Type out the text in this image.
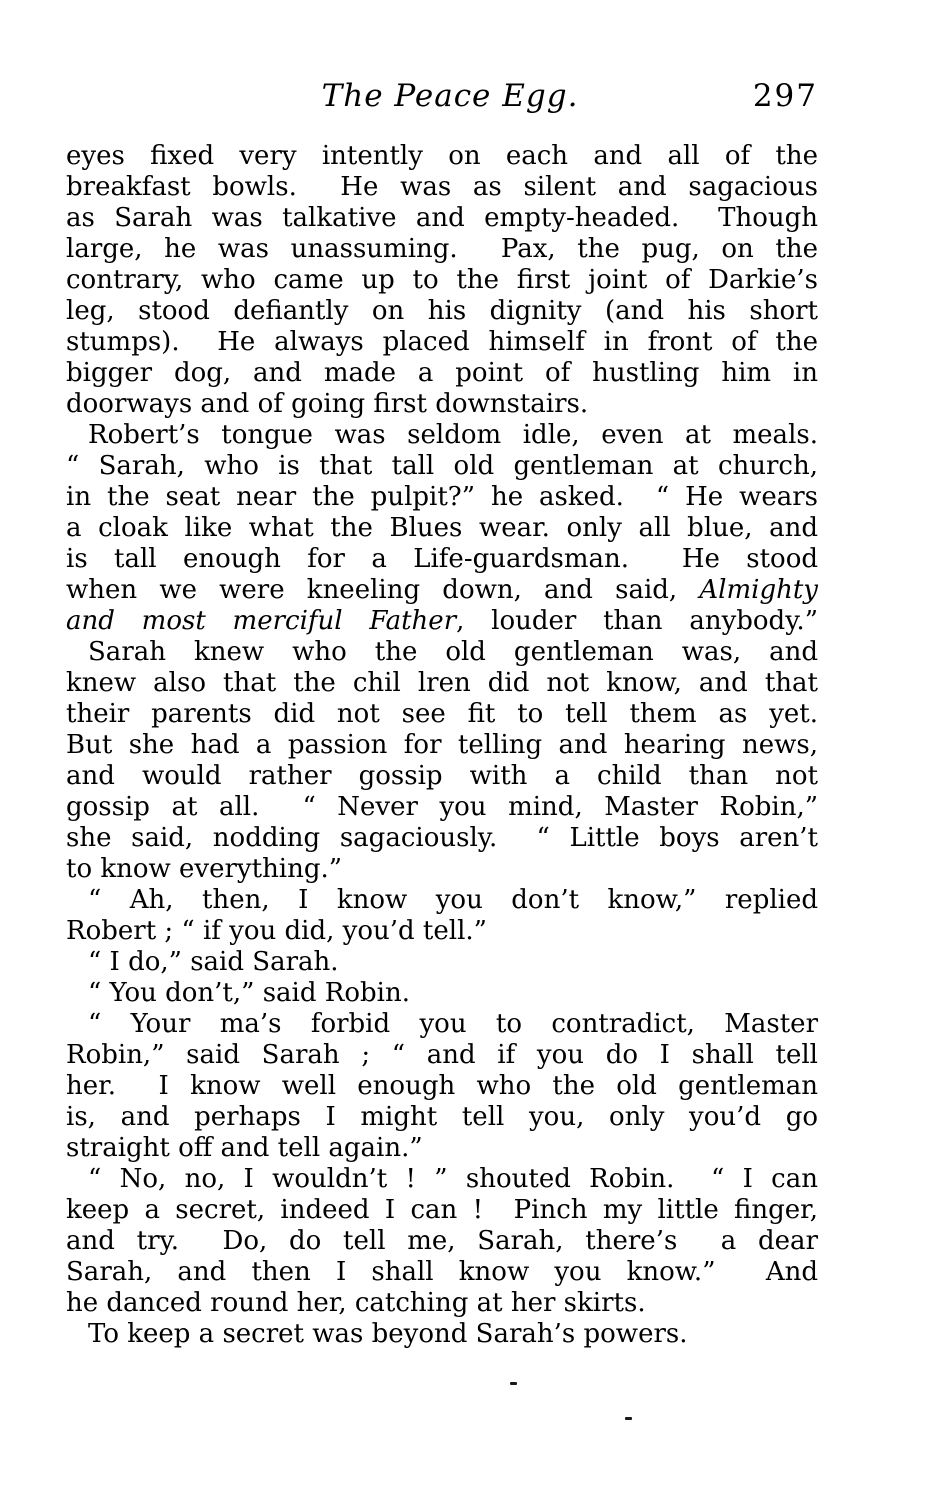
The Peace Egg.	297
eyes fixed very intently on each and all of the
breakfast bowls.  He was as silent and sagacious
as Sarah was talkative and empty-headed.  Though
large, he was unassuming.  Pax, the pug, on the
contrary, who came up to the first joint of Darkie’s
leg, stood defiantly on his dignity (and his short
stumps).  He always placed himself in front of the
bigger dog, and made a point of hustling him in
doorways and of going first downstairs.
Robert’s tongue was seldom idle, even at meals.
“ Sarah, who is that tall old gentleman at church,
in the seat near the pulpit?” he asked.  “ He wears
a cloak like what the Blues wear. only all blue, and
is tall enough for a Life-guardsman.  He stood
when we were kneeling down, and said, Almighty
and most merciful Father, louder than anybody.”
Sarah knew who the old gentleman was, and
knew also that the chil lren did not know, and that
their parents did not see fit to tell them as yet.
But she had a passion for telling and hearing news,
and would rather gossip with a child than not
gossip at all.  “ Never you mind, Master Robin,”
she said, nodding sagaciously.  “ Little boys aren’t
to know everything.”
“ Ah, then, I know you don’t know,” replied
Robert ; “ if you did, you’d tell.”
“ I do,” said Sarah.
“ You don’t,” said Robin.
“ Your ma’s forbid you to contradict, Master
Robin,” said Sarah ; “ and if you do I shall tell
her.  I know well enough who the old gentleman
is, and perhaps I might tell you, only you’d go
straight off and tell again.”
“ No, no, I wouldn’t ! ” shouted Robin.  “ I can
keep a secret, indeed I can !  Pinch my little finger,
and try.  Do, do tell me, Sarah, there’s  a dear
Sarah, and then I shall know you know.”  And
he danced round her, catching at her skirts.
To keep a secret was beyond Sarah’s powers.
